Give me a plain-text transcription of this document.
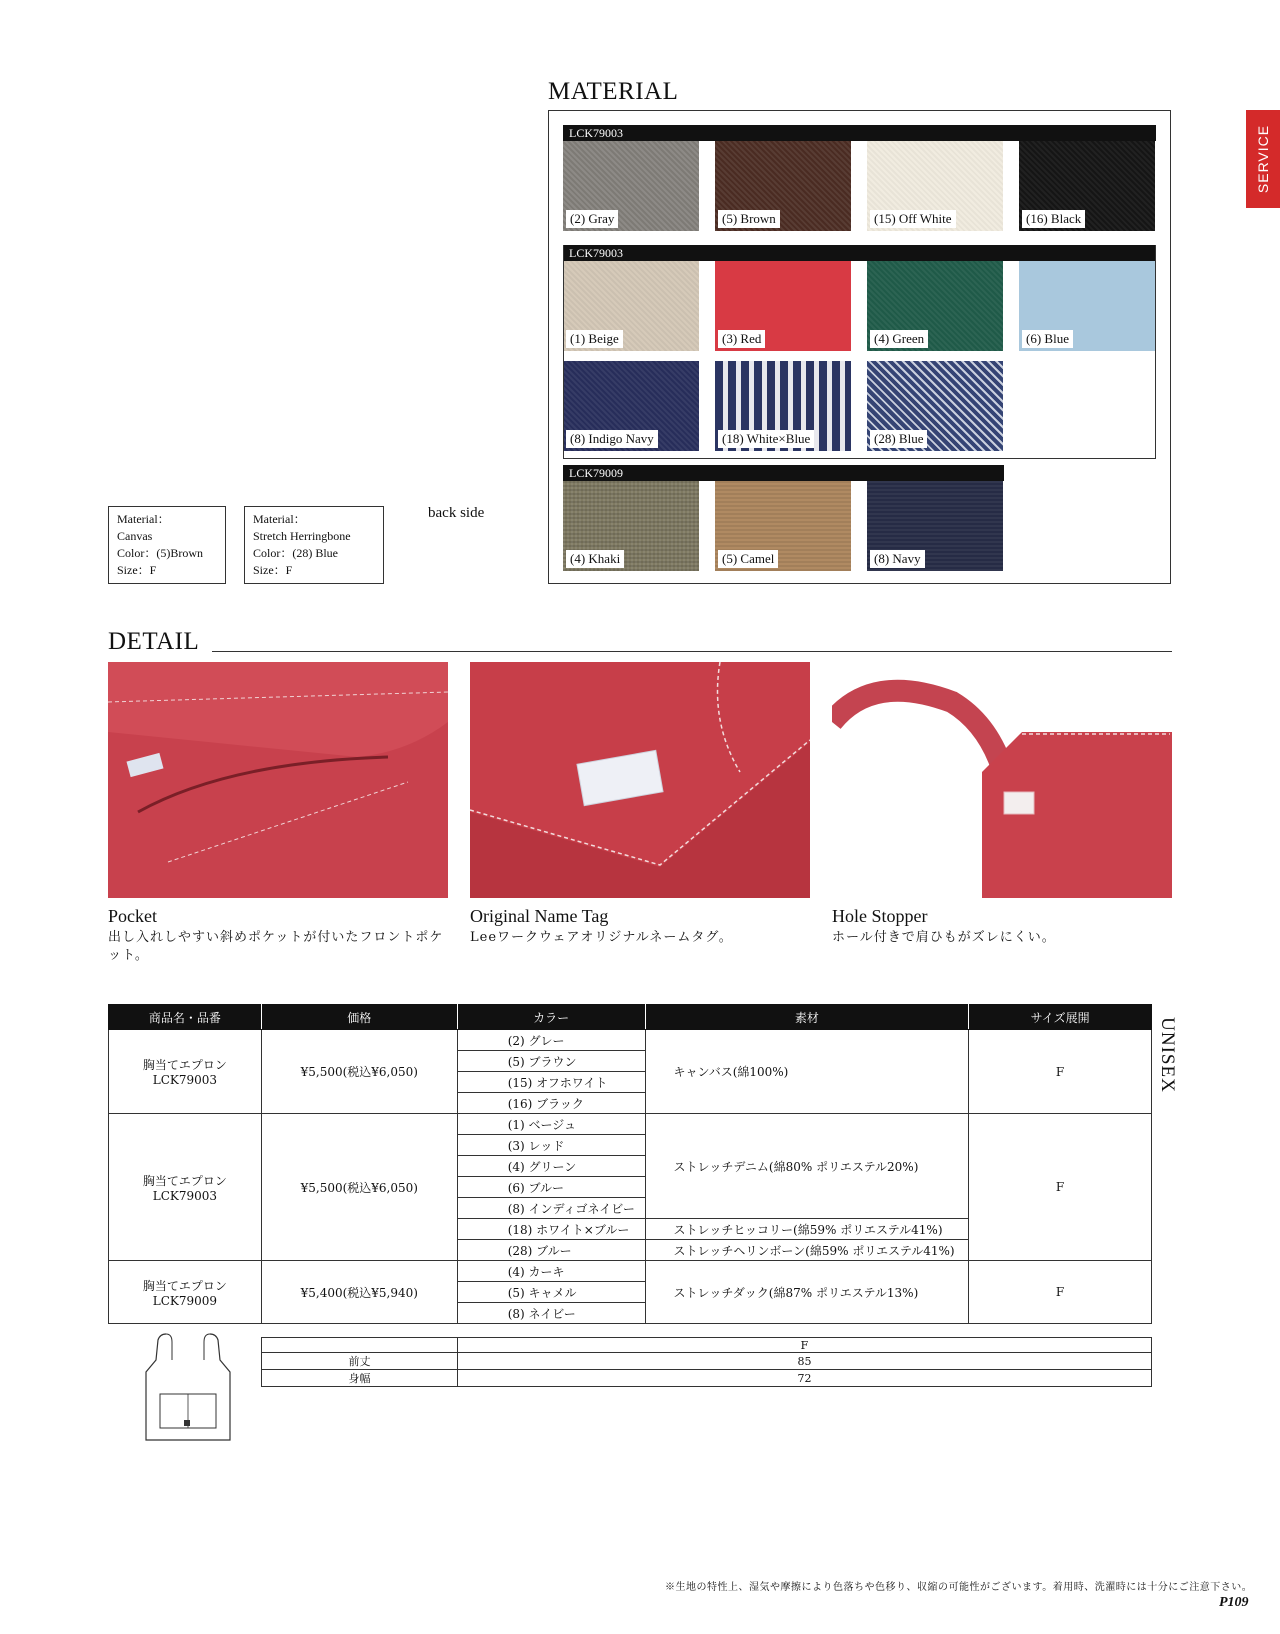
SERVICE
MATERIAL
LCK79003
(2) Gray	(5) Brown	(15) Off White	(16) Black
LCK79003
(1) Beige	(3) Red	(4) Green	(6) Blue
(8) Indigo Navy	(18) White×Blue	(28) Blue
LCK79009
(4) Khaki	(5) Camel	(8) Navy
Material：
Canvas
Color：(5)Brown
Size：F
Material：
Stretch Herringbone
Color：(28) Blue
Size：F
back side
DETAIL
Pocket
出し入れしやすい斜めポケットが付いたフロントポケット。
Original Name Tag
Leeワークウェアオリジナルネームタグ。
Hole Stopper
ホール付きで肩ひもがズレにくい。
商品名・品番	価格	カラー	素材	サイズ展開

胸当てエプロン
LCK79003	¥5,500(税込¥6,050)	(2) グレー	キャンバス(綿100%)	F
		(5) ブラウン		
		(15) オフホワイト		
		(16) ブラック		

胸当てエプロン
LCK79003	¥5,500(税込¥6,050)	(1) ベージュ	ストレッチデニム(綿80% ポリエステル20%)	F
		(3) レッド		
		(4) グリーン		
		(6) ブルー		
		(8) インディゴネイビー		
		(18) ホワイト×ブルー	ストレッチヒッコリー(綿59% ポリエステル41%)	
		(28) ブルー	ストレッチヘリンボーン(綿59% ポリエステル41%)	

胸当てエプロン
LCK79009	¥5,400(税込¥5,940)	(4) カーキ	ストレッチダック(綿87% ポリエステル13%)	F
		(5) キャメル		
		(8) ネイビー		
UNISEX
	F
前丈	85
身幅	72
※生地の特性上、湿気や摩擦により色落ちや色移り、収縮の可能性がございます。着用時、洗濯時には十分にご注意下さい。
P109
